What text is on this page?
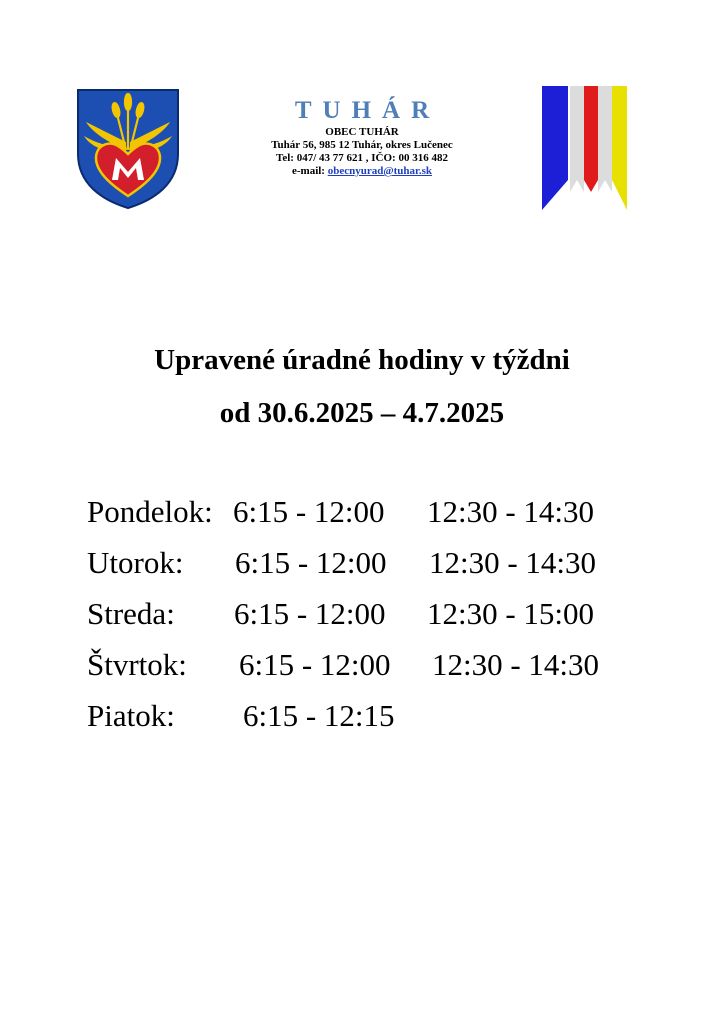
TUHÁR
OBEC TUHÁR
Tuhár 56, 985 12 Tuhár, okres Lučenec
Tel: 047/ 43 77 621 , IČO: 00 316 482
e-mail: obecnyurad@tuhar.sk
Upravené úradné hodiny v týždni
od 30.6.2025 – 4.7.2025
Pondelok: 6:15 - 12:00 12:30 - 14:30
Utorok: 6:15 - 12:00 12:30 - 14:30
Streda: 6:15 - 12:00 12:30 - 15:00
Štvrtok: 6:15 - 12:00 12:30 - 14:30
Piatok: 6:15 - 12:15
